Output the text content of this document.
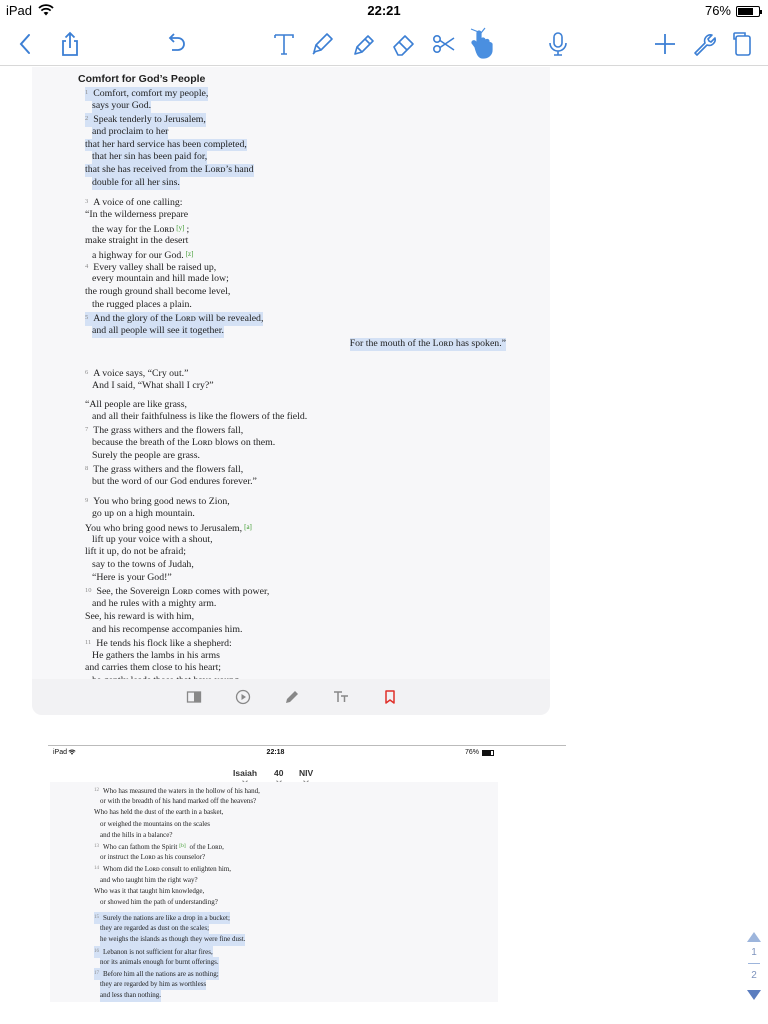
iPad	22:21	76%
Comfort for God’s People
$^1$ Comfort, comfort my people,
says your God.
$^2$ Speak tenderly to Jerusalem,
and proclaim to her
that her hard service has been completed,
that her sin has been paid for,
that she has received from the Lᴏʀᴅ’s hand
double for all her sins.
$^3$ A voice of one calling:
“In the wilderness prepare
the way for the Lᴏʀᴅ [y] ;
make straight in the desert
a highway for our God. [z]
$^4$ Every valley shall be raised up,
every mountain and hill made low;
the rough ground shall become level,
the rugged places a plain.
$^5$ And the glory of the Lᴏʀᴅ will be revealed,
and all people will see it together.
For the mouth of the Lᴏʀᴅ has spoken.”
$^6$ A voice says, “Cry out.”
And I said, “What shall I cry?”
“All people are like grass,
and all their faithfulness is like the flowers of the field.
$^7$ The grass withers and the flowers fall,
because the breath of the Lᴏʀᴅ blows on them.
Surely the people are grass.
$^8$ The grass withers and the flowers fall,
but the word of our God endures forever.”
$^9$ You who bring good news to Zion,
go up on a high mountain.
You who bring good news to Jerusalem, [a]
lift up your voice with a shout,
lift it up, do not be afraid;
say to the towns of Judah,
“Here is your God!”
$^{10}$ See, the Sovereign Lᴏʀᴅ comes with power,
and he rules with a mighty arm.
See, his reward is with him,
and his recompense accompanies him.
$^{11}$ He tends his flock like a shepherd:
He gathers the lambs in his arms
and carries them close to his heart;
iPad	22:18	76%
Isaiah 40 NIV
$^{12}$ Who has measured the waters in the hollow of his hand,
or with the breadth of his hand marked off the heavens?
Who has held the dust of the earth in a basket,
or weighed the mountains on the scales
and the hills in a balance?
$^{13}$ Who can fathom the Spirit [b] of the Lᴏʀᴅ,
or instruct the Lᴏʀᴅ as his counselor?
$^{14}$ Whom did the Lᴏʀᴅ consult to enlighten him,
and who taught him the right way?
Who was it that taught him knowledge,
or showed him the path of understanding?
$^{15}$ Surely the nations are like a drop in a bucket;
they are regarded as dust on the scales;
he weighs the islands as though they were fine dust.
$^{16}$ Lebanon is not sufficient for altar fires,
nor its animals enough for burnt offerings.
$^{17}$ Before him all the nations are as nothing;
they are regarded by him as worthless
and less than nothing.
1
2
